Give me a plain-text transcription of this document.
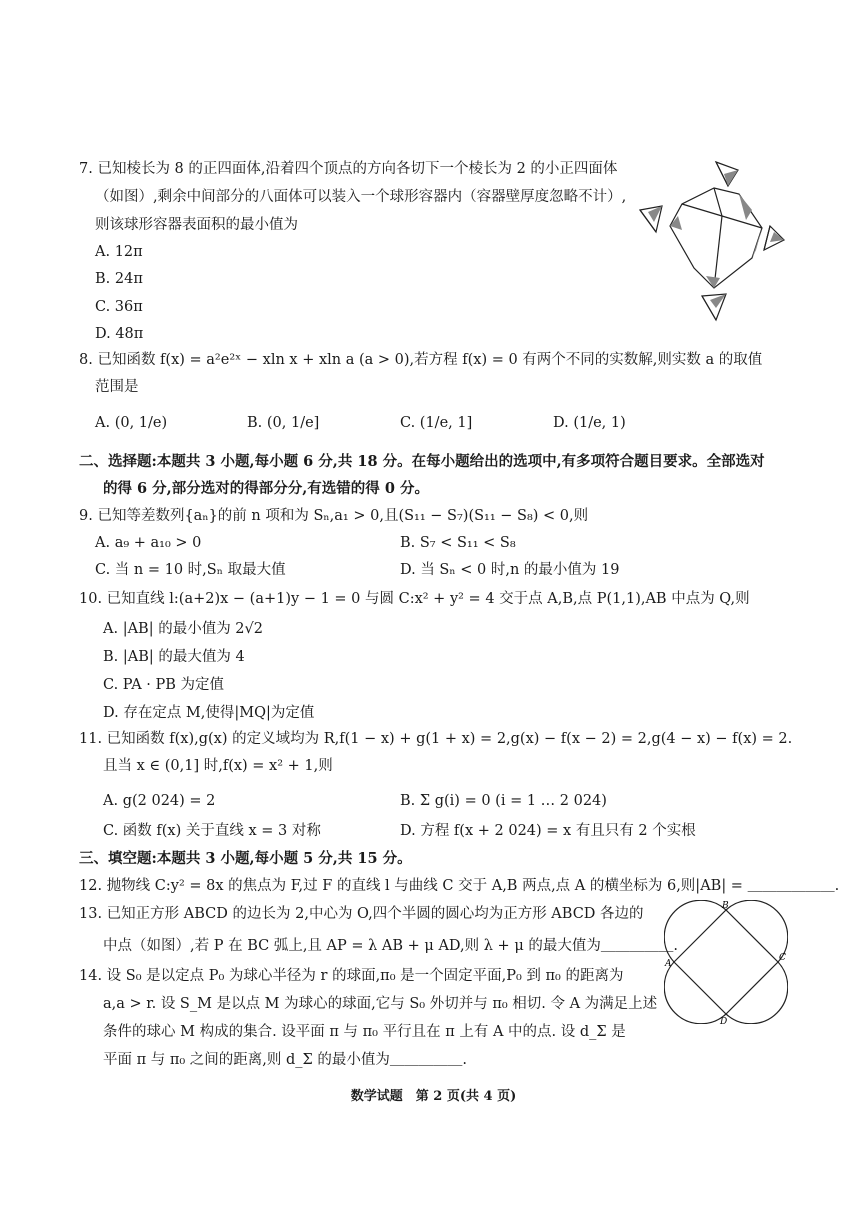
7. 已知棱长为 8 的正四面体,沿着四个顶点的方向各切下一个棱长为 2 的小正四面体
（如图）,剩余中间部分的八面体可以装入一个球形容器内（容器壁厚度忽略不计）,
则该球形容器表面积的最小值为
A. 12π
B. 24π
C. 36π
D. 48π
8. 已知函数 f(x) = a²e²ˣ − xln x + xln a (a > 0),若方程 f(x) = 0 有两个不同的实数解,则实数 a 的取值
范围是
A. (0, 1/e)	B. (0, 1/e]	C. (1/e, 1]	D. (1/e, 1)
二、选择题:本题共 3 小题,每小题 6 分,共 18 分。在每小题给出的选项中,有多项符合题目要求。全部选对
的得 6 分,部分选对的得部分分,有选错的得 0 分。
9. 已知等差数列{aₙ}的前 n 项和为 Sₙ,a₁ > 0,且(S₁₁ − S₇)(S₁₁ − S₈) < 0,则
A. a₉ + a₁₀ > 0	B. S₇ < S₁₁ < S₈
C. 当 n = 10 时,Sₙ 取最大值	D. 当 Sₙ < 0 时,n 的最小值为 19
10. 已知直线 l:(a+2)x − (a+1)y − 1 = 0 与圆 C:x² + y² = 4 交于点 A,B,点 P(1,1),AB 中点为 Q,则
A. |AB| 的最小值为 2√2
B. |AB| 的最大值为 4
C. PA · PB 为定值
D. 存在定点 M,使得|MQ|为定值
11. 已知函数 f(x),g(x) 的定义域均为 R,f(1 − x) + g(1 + x) = 2,g(x) − f(x − 2) = 2,g(4 − x) − f(x) = 2.
且当 x ∈ (0,1] 时,f(x) = x² + 1,则
A. g(2 024) = 2	B. Σ g(i) = 0 (i = 1 … 2 024)
C. 函数 f(x) 关于直线 x = 3 对称	D. 方程 f(x + 2 024) = x 有且只有 2 个实根
三、填空题:本题共 3 小题,每小题 5 分,共 15 分。
12. 抛物线 C:y² = 8x 的焦点为 F,过 F 的直线 l 与曲线 C 交于 A,B 两点,点 A 的横坐标为 6,则|AB| = ＿＿＿＿＿＿.
13. 已知正方形 ABCD 的边长为 2,中心为 O,四个半圆的圆心均为正方形 ABCD 各边的
中点（如图）,若 P 在 BC 弧上,且 AP = λ AB + μ AD,则 λ + μ 的最大值为＿＿＿＿＿.
A
B
C
D
14. 设 S₀ 是以定点 P₀ 为球心半径为 r 的球面,π₀ 是一个固定平面,P₀ 到 π₀ 的距离为
a,a > r. 设 S_M 是以点 M 为球心的球面,它与 S₀ 外切并与 π₀ 相切. 令 A 为满足上述
条件的球心 M 构成的集合. 设平面 π 与 π₀ 平行且在 π 上有 A 中的点. 设 d_Σ 是
平面 π 与 π₀ 之间的距离,则 d_Σ 的最小值为＿＿＿＿＿.
数学试题　第 2 页(共 4 页)
